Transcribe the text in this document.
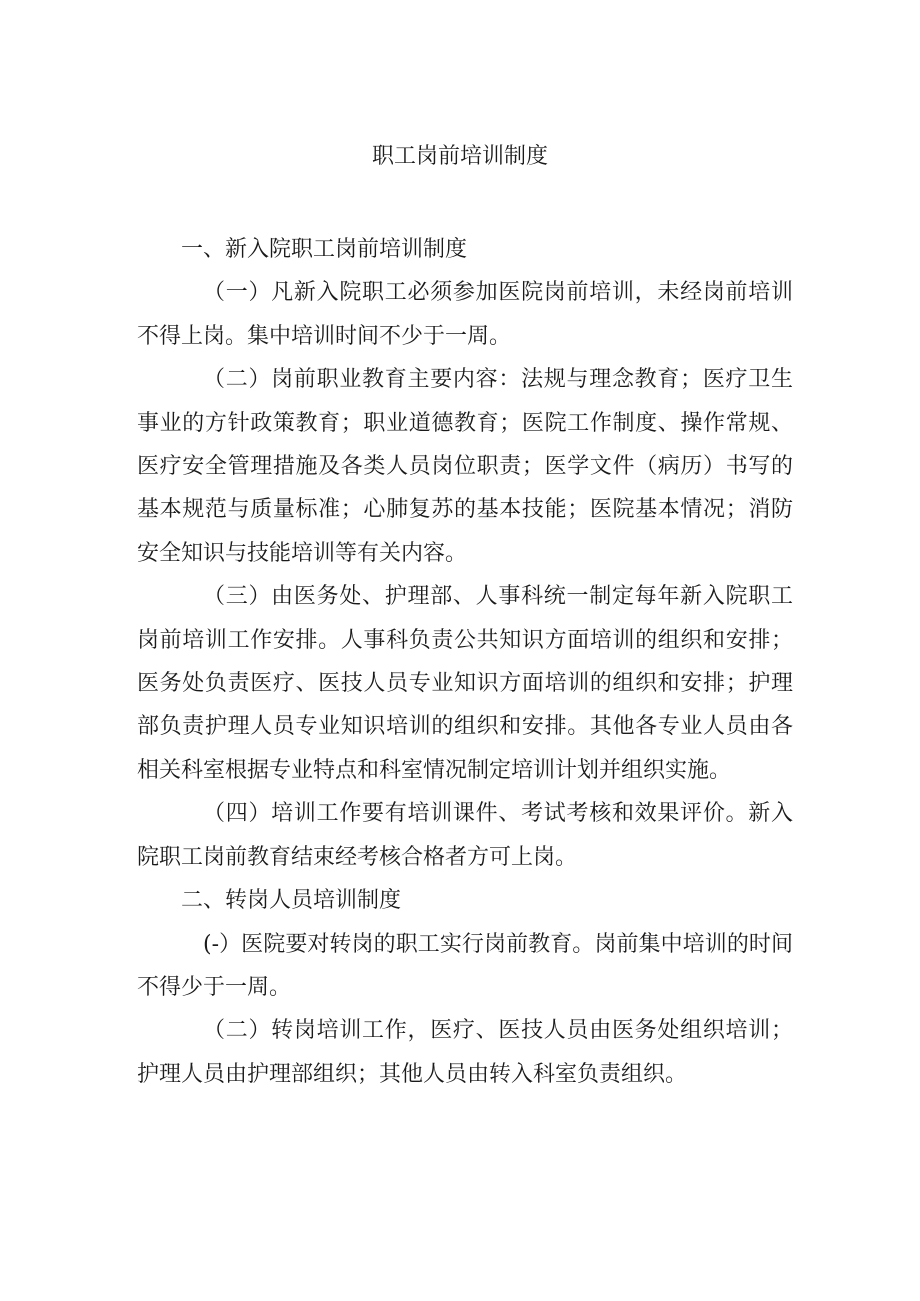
职工岗前培训制度

一、新入院职工岗前培训制度

（一）凡新入院职工必须参加医院岗前培训，未经岗前培训不得上岗。集中培训时间不少于一周。

（二）岗前职业教育主要内容：法规与理念教育；医疗卫生事业的方针政策教育；职业道德教育；医院工作制度、操作常规、医疗安全管理措施及各类人员岗位职责；医学文件（病历）书写的基本规范与质量标准；心肺复苏的基本技能；医院基本情况；消防安全知识与技能培训等有关内容。

（三）由医务处、护理部、人事科统一制定每年新入院职工岗前培训工作安排。人事科负责公共知识方面培训的组织和安排；医务处负责医疗、医技人员专业知识方面培训的组织和安排；护理部负责护理人员专业知识培训的组织和安排。其他各专业人员由各相关科室根据专业特点和科室情况制定培训计划并组织实施。

（四）培训工作要有培训课件、考试考核和效果评价。新入院职工岗前教育结束经考核合格者方可上岗。

二、转岗人员培训制度

(-）医院要对转岗的职工实行岗前教育。岗前集中培训的时间不得少于一周。

（二）转岗培训工作，医疗、医技人员由医务处组织培训；护理人员由护理部组织；其他人员由转入科室负责组织。
